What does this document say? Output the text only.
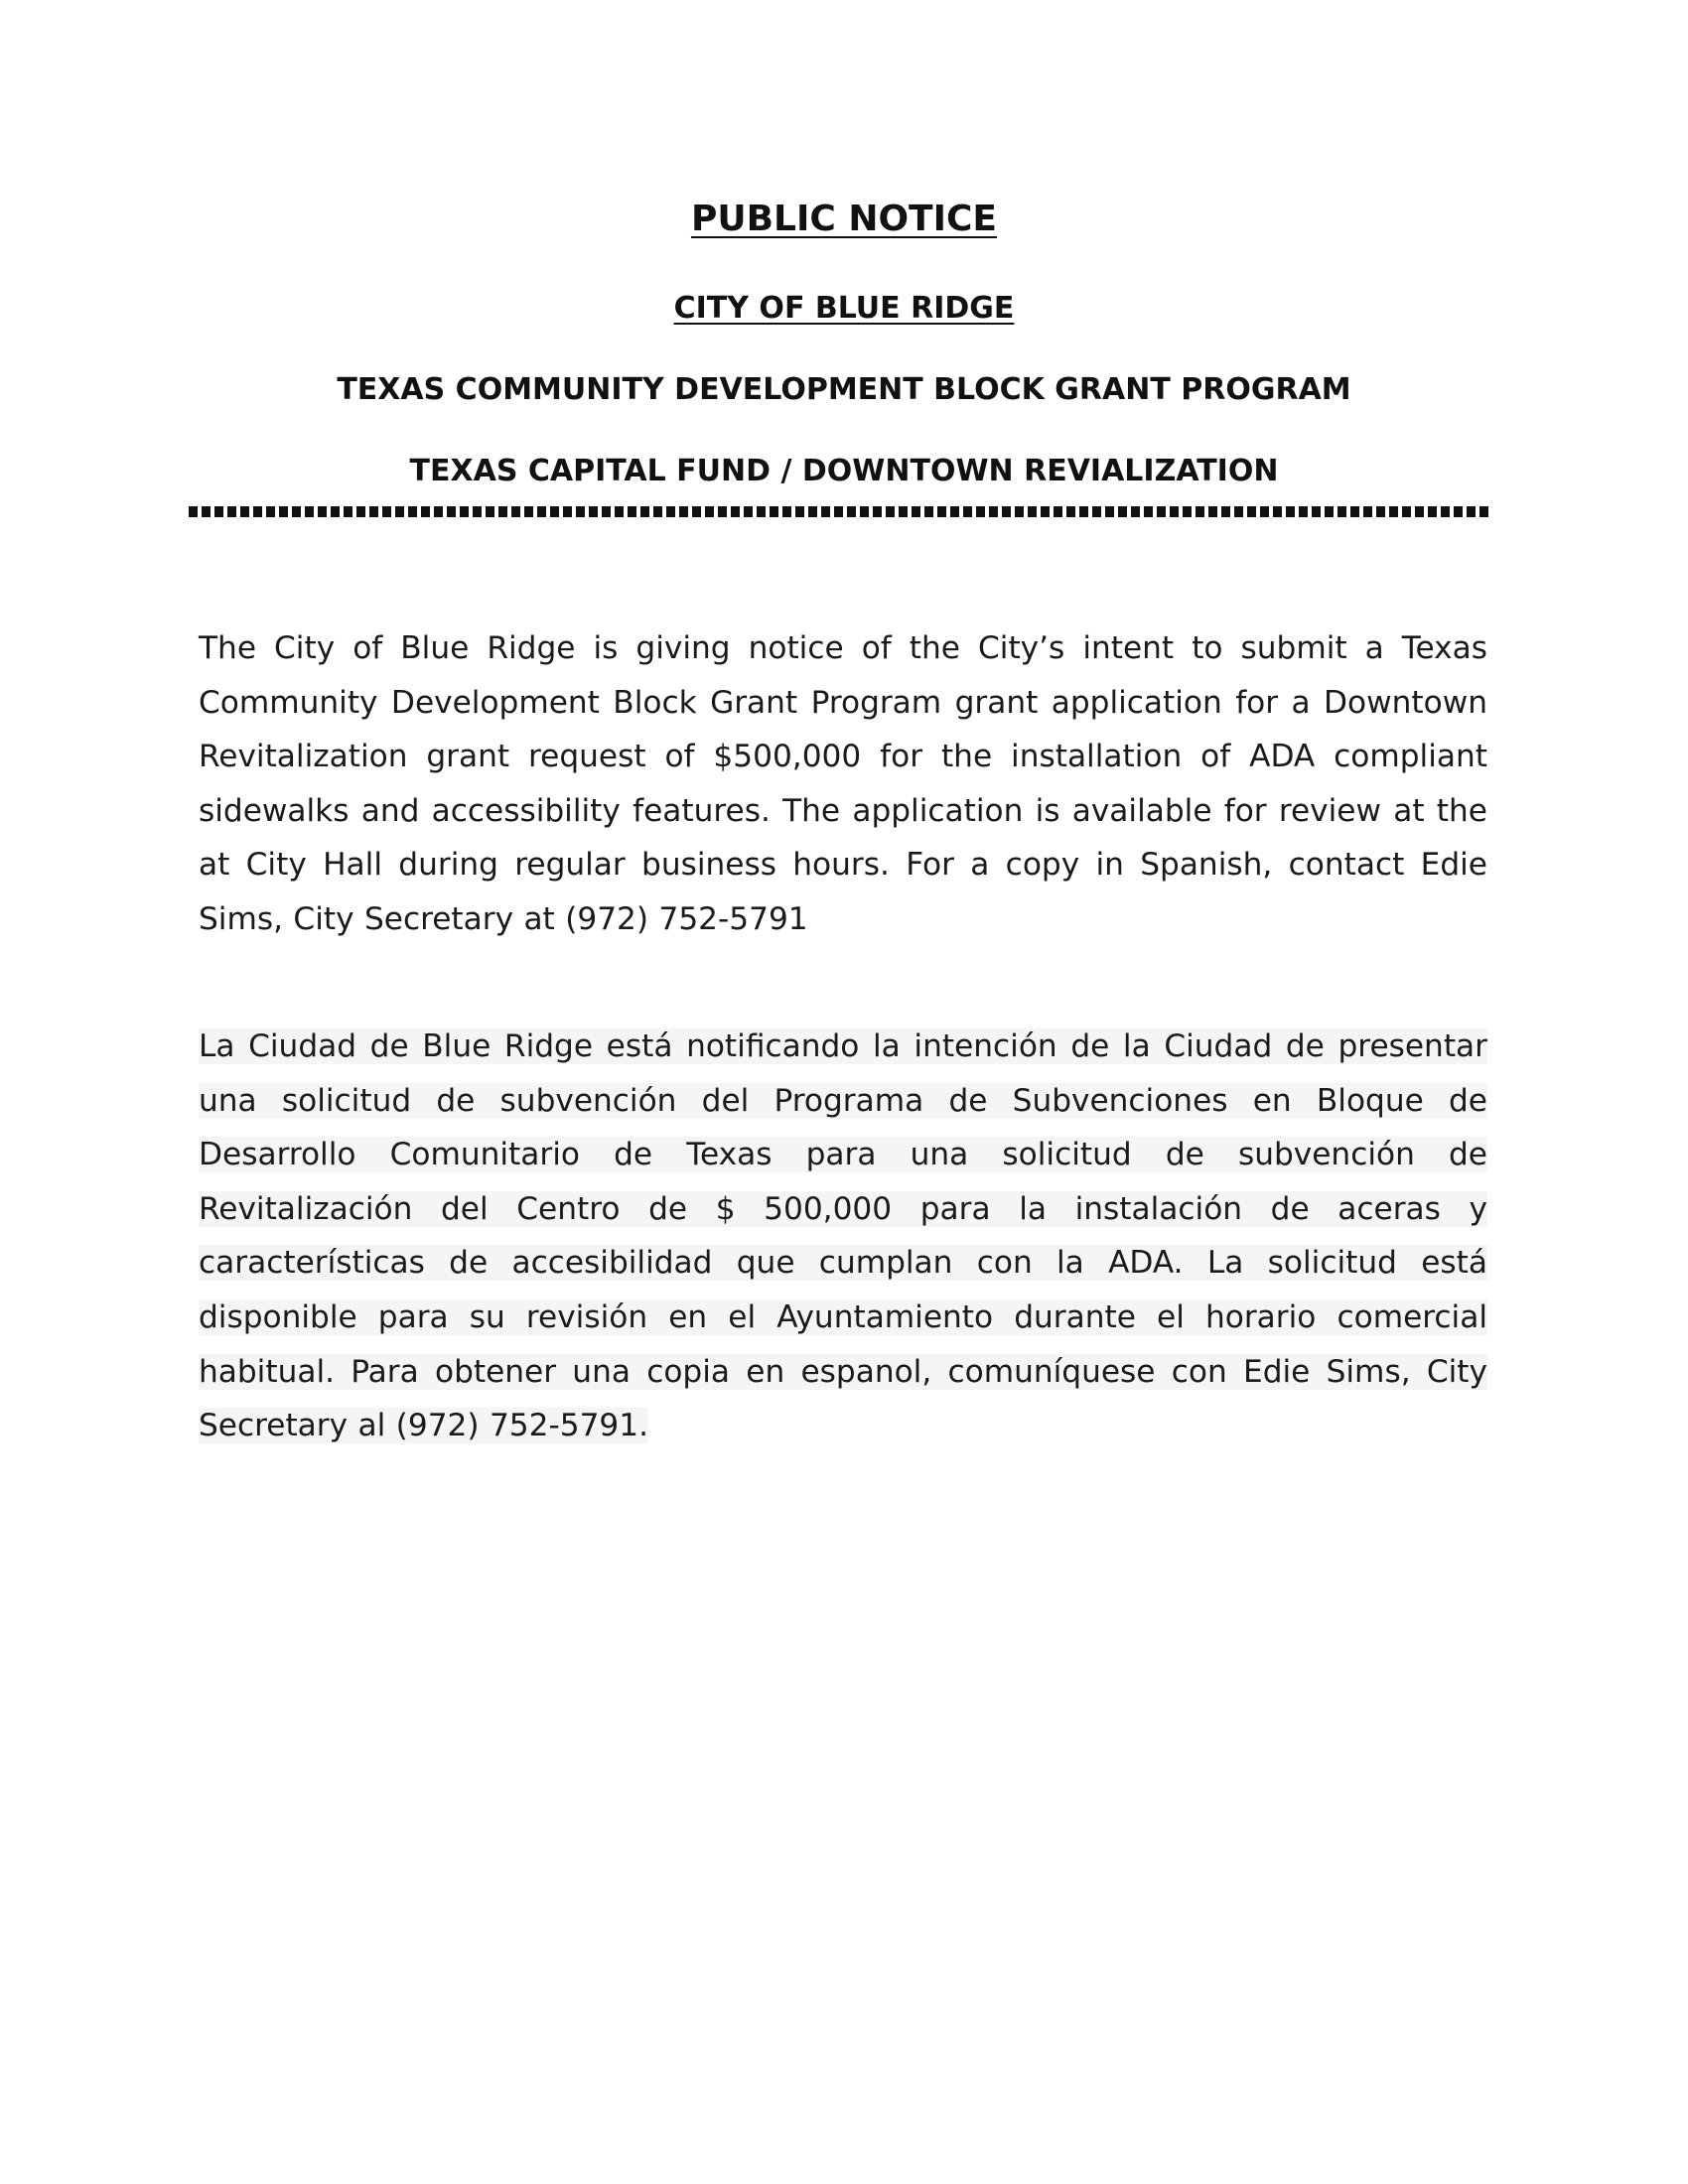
PUBLIC NOTICE
CITY OF BLUE RIDGE
TEXAS COMMUNITY DEVELOPMENT BLOCK GRANT PROGRAM
TEXAS CAPITAL FUND / DOWNTOWN REVIALIZATION
The City of Blue Ridge is giving notice of the City’s intent to submit a Texas Community Development Block Grant Program grant application for a Downtown Revitalization grant request of $500,000 for the installation of ADA compliant sidewalks and accessibility features. The application is available for review at the at City Hall during regular business hours. For a copy in Spanish, contact Edie Sims, City Secretary at (972) 752-5791
La Ciudad de Blue Ridge está notificando la intención de la Ciudad de presentar una solicitud de subvención del Programa de Subvenciones en Bloque de Desarrollo Comunitario de Texas para una solicitud de subvención de Revitalización del Centro de $ 500,000 para la instalación de aceras y características de accesibilidad que cumplan con la ADA. La solicitud está disponible para su revisión en el Ayuntamiento durante el horario comercial habitual. Para obtener una copia en espanol, comuníquese con Edie Sims, City Secretary al (972) 752-5791.
